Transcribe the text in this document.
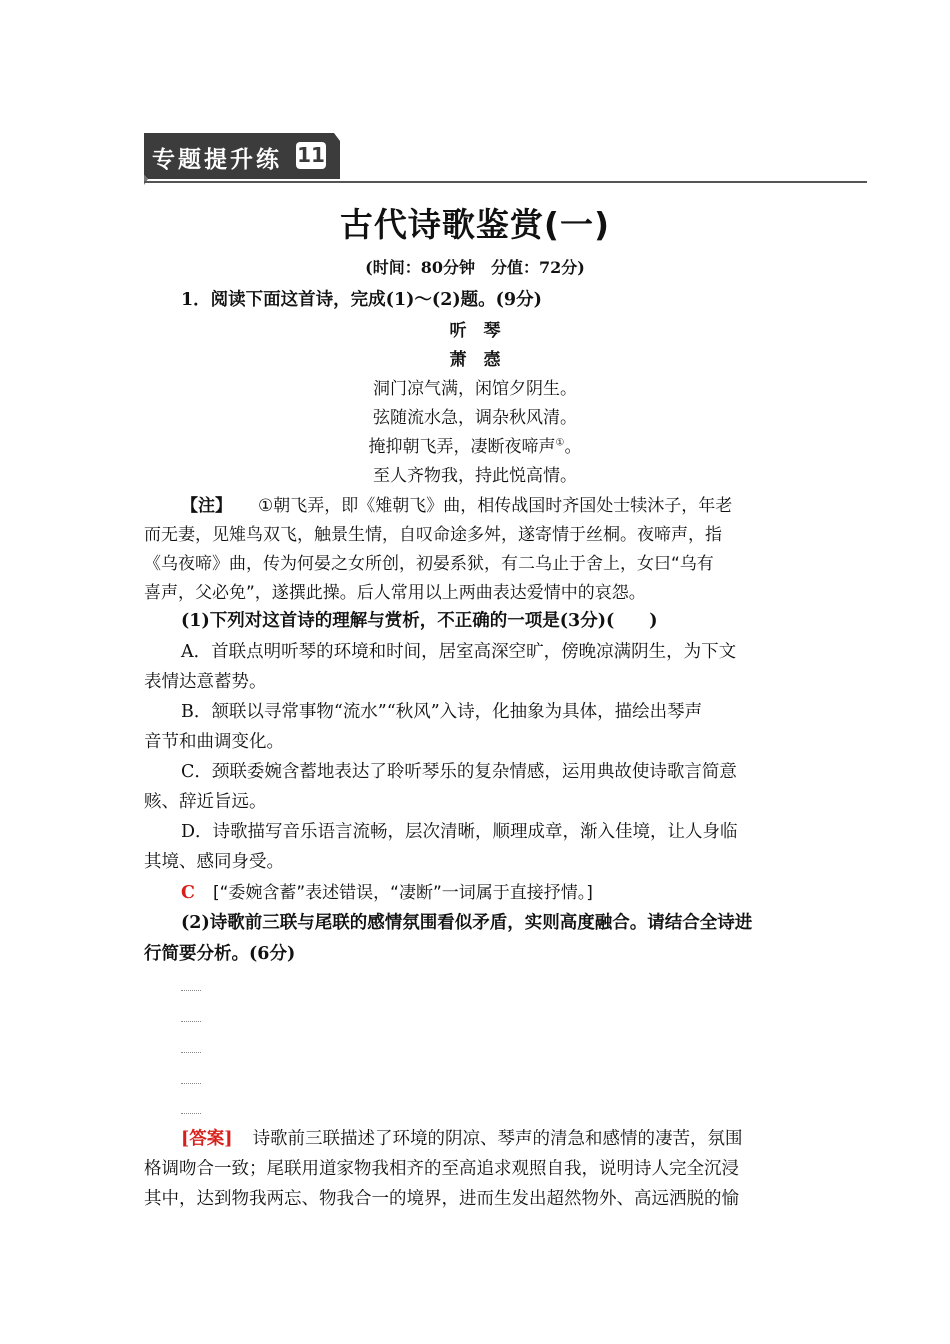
专题提升练 11
古代诗歌鉴赏(一)
(时间：80分钟　分值：72分)
1．阅读下面这首诗，完成(1)～(2)题。(9分)
听　琴
萧　悫
洞门凉气满，闲馆夕阴生。
弦随流水急，调杂秋风清。
掩抑朝飞弄，凄断夜啼声①。
至人齐物我，持此悦高情。
【注】 ①朝飞弄，即《雉朝飞》曲，相传战国时齐国处士犊沐子，年老
而无妻，见雉鸟双飞，触景生情，自叹命途多舛，遂寄情于丝桐。夜啼声，指
《乌夜啼》曲，传为何晏之女所创，初晏系狱，有二乌止于舍上，女曰“乌有
喜声，父必免”，遂撰此操。后人常用以上两曲表达爱情中的哀怨。
(1)下列对这首诗的理解与赏析，不正确的一项是(3分)(　　)
A．首联点明听琴的环境和时间，居室高深空旷，傍晚凉满阴生，为下文
表情达意蓄势。
B．颔联以寻常事物“流水”“秋风”入诗，化抽象为具体，描绘出琴声
音节和曲调变化。
C．颈联委婉含蓄地表达了聆听琴乐的复杂情感，运用典故使诗歌言简意
赅、辞近旨远。
D．诗歌描写音乐语言流畅，层次清晰，顺理成章，渐入佳境，让人身临
其境、感同身受。
C [“委婉含蓄”表述错误，“凄断”一词属于直接抒情。]
(2)诗歌前三联与尾联的感情氛围看似矛盾，实则高度融合。请结合全诗进
行简要分析。(6分)
[答案] 诗歌前三联描述了环境的阴凉、琴声的清急和感情的凄苦，氛围
格调吻合一致；尾联用道家物我相齐的至高追求观照自我，说明诗人完全沉浸
其中，达到物我两忘、物我合一的境界，进而生发出超然物外、高远洒脱的愉
